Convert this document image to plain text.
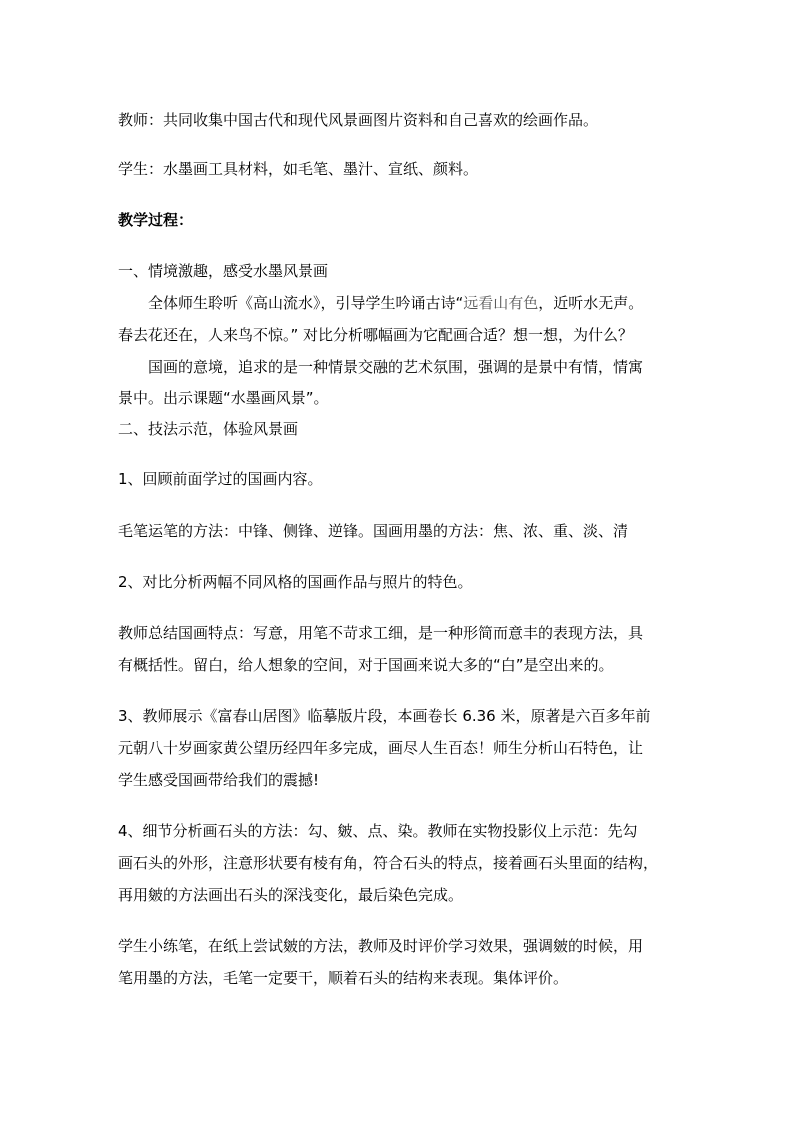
教师：共同收集中国古代和现代风景画图片资料和自己喜欢的绘画作品。

学生：水墨画工具材料，如毛笔、墨汁、宣纸、颜料。

教学过程：

一、情境激趣，感受水墨风景画

全体师生聆听《高山流水》，引导学生吟诵古诗“远看山有色，近听水无声。

春去花还在，人来鸟不惊。” 对比分析哪幅画为它配画合适？想一想，为什么？

国画的意境，追求的是一种情景交融的艺术氛围，强调的是景中有情，情寓

景中。出示课题“水墨画风景”。

二、技法示范，体验风景画

1、回顾前面学过的国画内容。

毛笔运笔的方法：中锋、侧锋、逆锋。国画用墨的方法：焦、浓、重、淡、清

2、对比分析两幅不同风格的国画作品与照片的特色。

教师总结国画特点：写意，用笔不苛求工细，是一种形简而意丰的表现方法，具

有概括性。留白，给人想象的空间，对于国画来说大多的“白”是空出来的。

3、教师展示《富春山居图》临摹版片段，本画卷长 6.36 米，原著是六百多年前

元朝八十岁画家黄公望历经四年多完成，画尽人生百态！师生分析山石特色，让

学生感受国画带给我们的震撼!

4、细节分析画石头的方法：勾、皴、点、染。教师在实物投影仪上示范：先勾

画石头的外形，注意形状要有棱有角，符合石头的特点，接着画石头里面的结构，

再用皴的方法画出石头的深浅变化，最后染色完成。

学生小练笔，在纸上尝试皴的方法，教师及时评价学习效果，强调皴的时候，用

笔用墨的方法，毛笔一定要干，顺着石头的结构来表现。集体评价。
